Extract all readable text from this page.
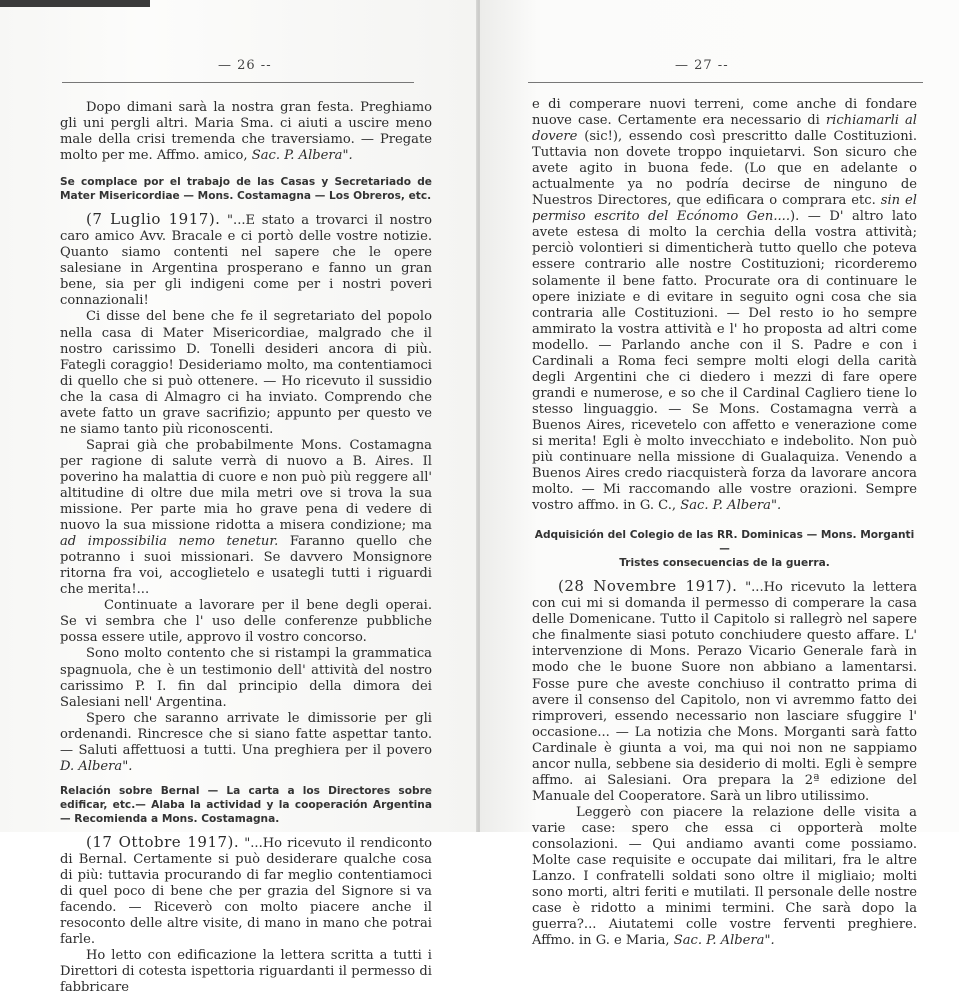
— 26 --

Dopo dimani sarà la nostra gran festa. Preghiamo gli uni pergli altri. Maria Sma. ci aiuti a uscire meno male della crisi tremenda che traversiamo. — Pregate molto per me. Affmo. amico, Sac. P. Albera".

Se complace por el trabajo de las Casas y Secretariado de Mater Misericordiae — Mons. Costamagna — Los Obreros, etc.

(7 Luglio 1917). "...E stato a trovarci il nostro caro amico Avv. Bracale e ci portò delle vostre notizie. Quanto siamo contenti nel sapere che le opere salesiane in Argentina prosperano e fanno un gran bene, sia per gli indigeni come per i nostri poveri connazionali!

Ci disse del bene che fe il segretariato del popolo nella casa di Mater Misericordiae, malgrado che il nostro carissimo D. Tonelli desideri ancora di più. Fategli coraggio! Desideriamo molto, ma contentiamoci di quello che si può ottenere. — Ho ricevuto il sussidio che la casa di Almagro ci ha inviato. Comprendo che avete fatto un grave sacrifizio; appunto per questo ve ne siamo tanto più riconoscenti.

Saprai già che probabilmente Mons. Costamagna per ragione di salute verrà di nuovo a B. Aires. Il poverino ha malattia di cuore e non può più reggere all' altitudine di oltre due mila metri ove si trova la sua missione. Per parte mia ho grave pena di vedere di nuovo la sua missione ridotta a misera condizione; ma ad impossibilia nemo tenetur. Faranno quello che potranno i suoi missionari. Se davvero Monsignore ritorna fra voi, accoglietelo e usategli tutti i riguardi che merita!...

Continuate a lavorare per il bene degli operai. Se vi sembra che l' uso delle conferenze pubbliche possa essere utile, approvo il vostro concorso.

Sono molto contento che si ristampi la grammatica spagnuola, che è un testimonio dell' attività del nostro carissimo P. I. fin dal principio della dimora dei Salesiani nell' Argentina.

Spero che saranno arrivate le dimissorie per gli ordenandi. Rincresce che si siano fatte aspettar tanto. — Saluti affettuosi a tutti. Una preghiera per il povero D. Albera".

Relación sobre Bernal — La carta a los Directores sobre edificar, etc.— Alaba la actividad y la cooperación Argentina — Recomienda a Mons. Costamagna.

(17 Ottobre 1917). "...Ho ricevuto il rendiconto di Bernal. Certamente si può desiderare qualche cosa di più: tuttavia procurando di far meglio contentiamoci di quel poco di bene che per grazia del Signore si va facendo. — Riceverò con molto piacere anche il resoconto delle altre visite, di mano in mano che potrai farle.

Ho letto con edificazione la lettera scritta a tutti i Direttori di cotesta ispettoria riguardanti il permesso di fabbricare

— 27 --

e di comperare nuovi terreni, come anche di fondare nuove case. Certamente era necessario di richiamarli al dovere (sic!), essendo così prescritto dalle Costituzioni. Tuttavia non dovete troppo inquietarvi. Son sicuro che avete agito in buona fede. (Lo que en adelante o actualmente ya no podría decirse de ninguno de Nuestros Directores, que edificara o comprara etc. sin el permiso escrito del Ecónomo Gen....). — D' altro lato avete estesa di molto la cerchia della vostra attività; perciò volontieri si dimenticherà tutto quello che poteva essere contrario alle nostre Costituzioni; ricorderemo solamente il bene fatto. Procurate ora di continuare le opere iniziate e di evitare in seguito ogni cosa che sia contraria alle Costituzioni. — Del resto io ho sempre ammirato la vostra attività e l' ho proposta ad altri come modello. — Parlando anche con il S. Padre e con i Cardinali a Roma feci sempre molti elogi della carità degli Argentini che ci diedero i mezzi di fare opere grandi e numerose, e so che il Cardinal Cagliero tiene lo stesso linguaggio. — Se Mons. Costamagna verrà a Buenos Aires, ricevetelo con affetto e venerazione come si merita! Egli è molto invecchiato e indebolito. Non può più continuare nella missione di Gualaquiza. Venendo a Buenos Aires credo riacquisterà forza da lavorare ancora molto. — Mi raccomando alle vostre orazioni. Sempre vostro affmo. in G. C., Sac. P. Albera".

Adquisición del Colegio de las RR. Dominicas — Mons. Morganti —
Tristes consecuencias de la guerra.

(28 Novembre 1917). "...Ho ricevuto la lettera con cui mi si domanda il permesso di comperare la casa delle Domenicane. Tutto il Capitolo si rallegrò nel sapere che finalmente siasi potuto conchiudere questo affare. L' intervenzione di Mons. Perazo Vicario Generale farà in modo che le buone Suore non abbiano a lamentarsi. Fosse pure che aveste conchiuso il contratto prima di avere il consenso del Capitolo, non vi avremmo fatto dei rimproveri, essendo necessario non lasciare sfuggire l' occasione... — La notizia che Mons. Morganti sarà fatto Cardinale è giunta a voi, ma qui noi non ne sappiamo ancor nulla, sebbene sia desiderio di molti. Egli è sempre affmo. ai Salesiani. Ora prepara la 2ª edizione del Manuale del Cooperatore. Sarà un libro utilissimo.

Leggerò con piacere la relazione delle visita a varie case: spero che essa ci opporterà molte consolazioni. — Qui andiamo avanti come possiamo. Molte case requisite e occupate dai militari, fra le altre Lanzo. I confratelli soldati sono oltre il migliaio; molti sono morti, altri feriti e mutilati. Il personale delle nostre case è ridotto a minimi termini. Che sarà dopo la guerra?... Aiutatemi colle vostre ferventi preghiere. Affmo. in G. e Maria, Sac. P. Albera".
